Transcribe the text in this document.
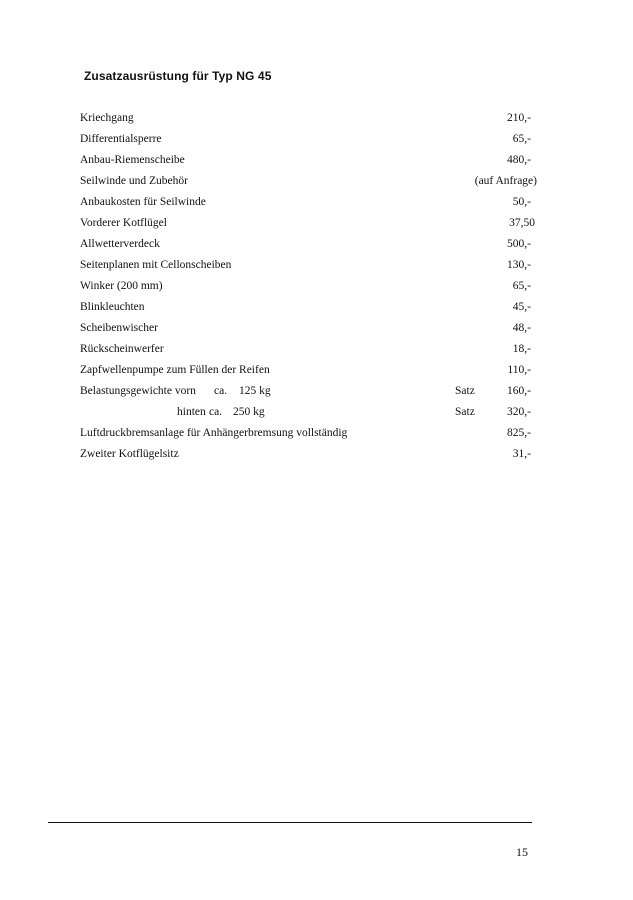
Zusatzausrüstung für Typ NG 45
Kriechgang	210,-
Differentialsperre	65,-
Anbau-Riemenscheibe	480,-
Seilwinde und Zubehör	(auf Anfrage)
Anbaukosten für Seilwinde	50,-
Vorderer Kotflügel	37,50
Allwetterverdeck	500,-
Seitenplanen mit Cellonscheiben	130,-
Winker (200 mm)	65,-
Blinkleuchten	45,-
Scheibenwischer	48,-
Rückscheinwerfer	18,-
Zapfwellenpumpe zum Füllen der Reifen	110,-
Belastungsgewichte vorn ca. 125 kg	Satz	160,-
hinten ca. 250 kg	Satz	320,-
Luftdruckbremsanlage für Anhängerbremsung vollständig	825,-
Zweiter Kotflügelsitz	31,-
15
